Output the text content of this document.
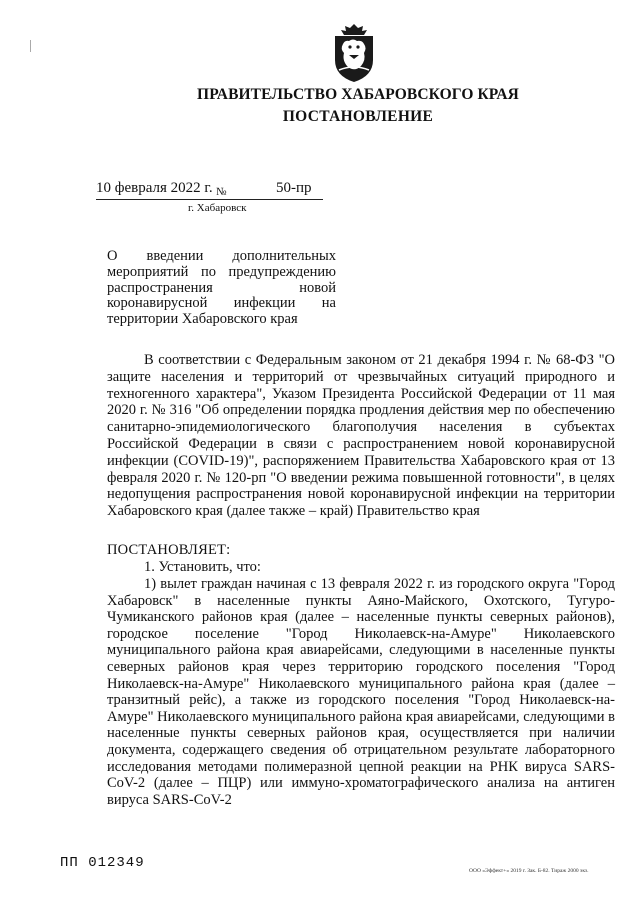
ПРАВИТЕЛЬСТВО ХАБАРОВСКОГО КРАЯ
ПОСТАНОВЛЕНИЕ
10 февраля 2022 г. №	50-пр
г. Хабаровск
О введении дополнительных мероприятий по предупреждению распространения новой коронавирусной инфекции на территории Хабаровского края

В соответствии с Федеральным законом от 21 декабря 1994 г. № 68-ФЗ "О защите населения и территорий от чрезвычайных ситуаций природного и техногенного характера", Указом Президента Российской Федерации от 11 мая 2020 г. № 316 "Об определении порядка продления действия мер по обеспечению санитарно-эпидемиологического благополучия населения в субъектах Российской Федерации в связи с распространением новой коронавирусной инфекции (COVID-19)", распоряжением Правительства Хабаровского края от 13 февраля 2020 г. № 120-рп "О введении режима повышенной готовности", в целях недопущения распространения новой коронавирусной инфекции на территории Хабаровского края (далее также – край) Правительство края

ПОСТАНОВЛЯЕТ:
1. Установить, что:
1) вылет граждан начиная с 13 февраля 2022 г. из городского округа "Город Хабаровск" в населенные пункты Аяно-Майского, Охотского, Тугуро-Чумиканского районов края (далее – населенные пункты северных районов), городское поселение "Город Николаевск-на-Амуре" Николаевского муниципального района края авиарейсами, следующими в населенные пункты северных районов края через территорию городского поселения "Город Николаевск-на-Амуре" Николаевского муниципального района края (далее – транзитный рейс), а также из городского поселения "Город Николаевск-на-Амуре" Николаевского муниципального района края авиарейсами, следующими в населенные пункты северных районов края, осуществляется при наличии документа, содержащего сведения об отрицательном результате лабораторного исследования методами полимеразной цепной реакции на РНК вируса SARS-CoV-2 (далее – ПЦР) или иммуно-хроматографического анализа на антиген вируса SARS-CoV-2
ПП 012349	ООО «Эффект+» 2019 г. Зак. Б-82. Тираж 2000 экз.
